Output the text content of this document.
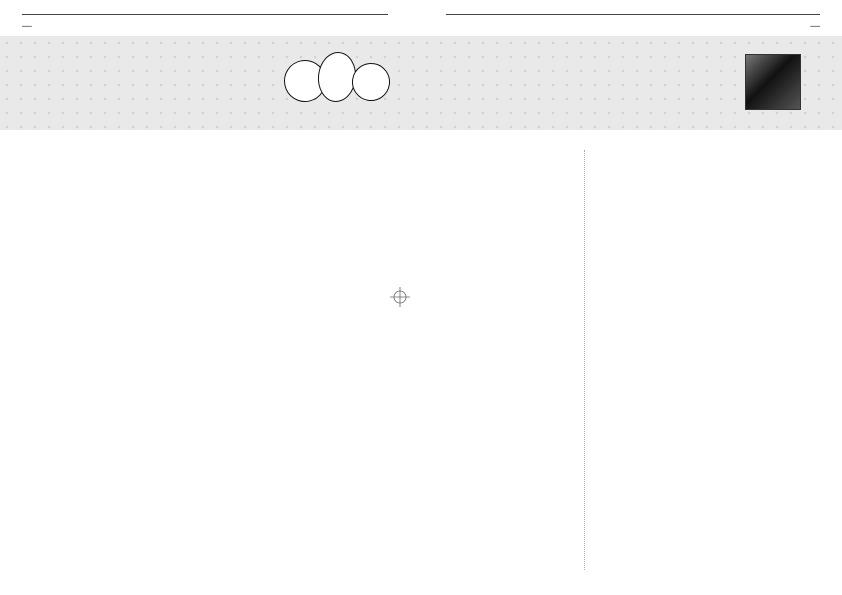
──	──
